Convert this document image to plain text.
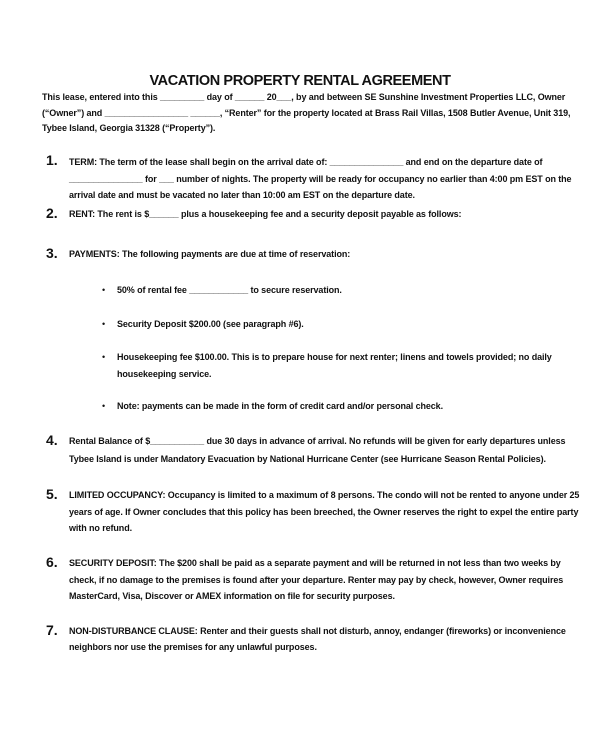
VACATION PROPERTY RENTAL AGREEMENT
This lease, entered into this _________ day of ______ 20___, by and between SE Sunshine Investment Properties LLC, Owner
(“Owner”) and _________________ ______, “Renter” for the property located at Brass Rail Villas, 1508 Butler Avenue, Unit 319,
Tybee Island, Georgia 31328 (“Property”).
1. TERM: The term of the lease shall begin on the arrival date of: _______________ and end on the departure date of
_______________ for ___ number of nights. The property will be ready for occupancy no earlier than 4:00 pm EST on the
arrival date and must be vacated no later than 10:00 am EST on the departure date.
2. RENT: The rent is $______ plus a housekeeping fee and a security deposit payable as follows:
3. PAYMENTS: The following payments are due at time of reservation:
• 50% of rental fee ____________ to secure reservation.
• Security Deposit $200.00 (see paragraph #6).
• Housekeeping fee $100.00. This is to prepare house for next renter; linens and towels provided; no daily
housekeeping service.
• Note: payments can be made in the form of credit card and/or personal check.
4. Rental Balance of $___________ due 30 days in advance of arrival. No refunds will be given for early departures unless
Tybee Island is under Mandatory Evacuation by National Hurricane Center (see Hurricane Season Rental Policies).
5. LIMITED OCCUPANCY: Occupancy is limited to a maximum of 8 persons. The condo will not be rented to anyone under 25
years of age. If Owner concludes that this policy has been breeched, the Owner reserves the right to expel the entire party
with no refund.
6. SECURITY DEPOSIT: The $200 shall be paid as a separate payment and will be returned in not less than two weeks by
check, if no damage to the premises is found after your departure. Renter may pay by check, however, Owner requires
MasterCard, Visa, Discover or AMEX information on file for security purposes.
7. NON-DISTURBANCE CLAUSE: Renter and their guests shall not disturb, annoy, endanger (fireworks) or inconvenience
neighbors nor use the premises for any unlawful purposes.
